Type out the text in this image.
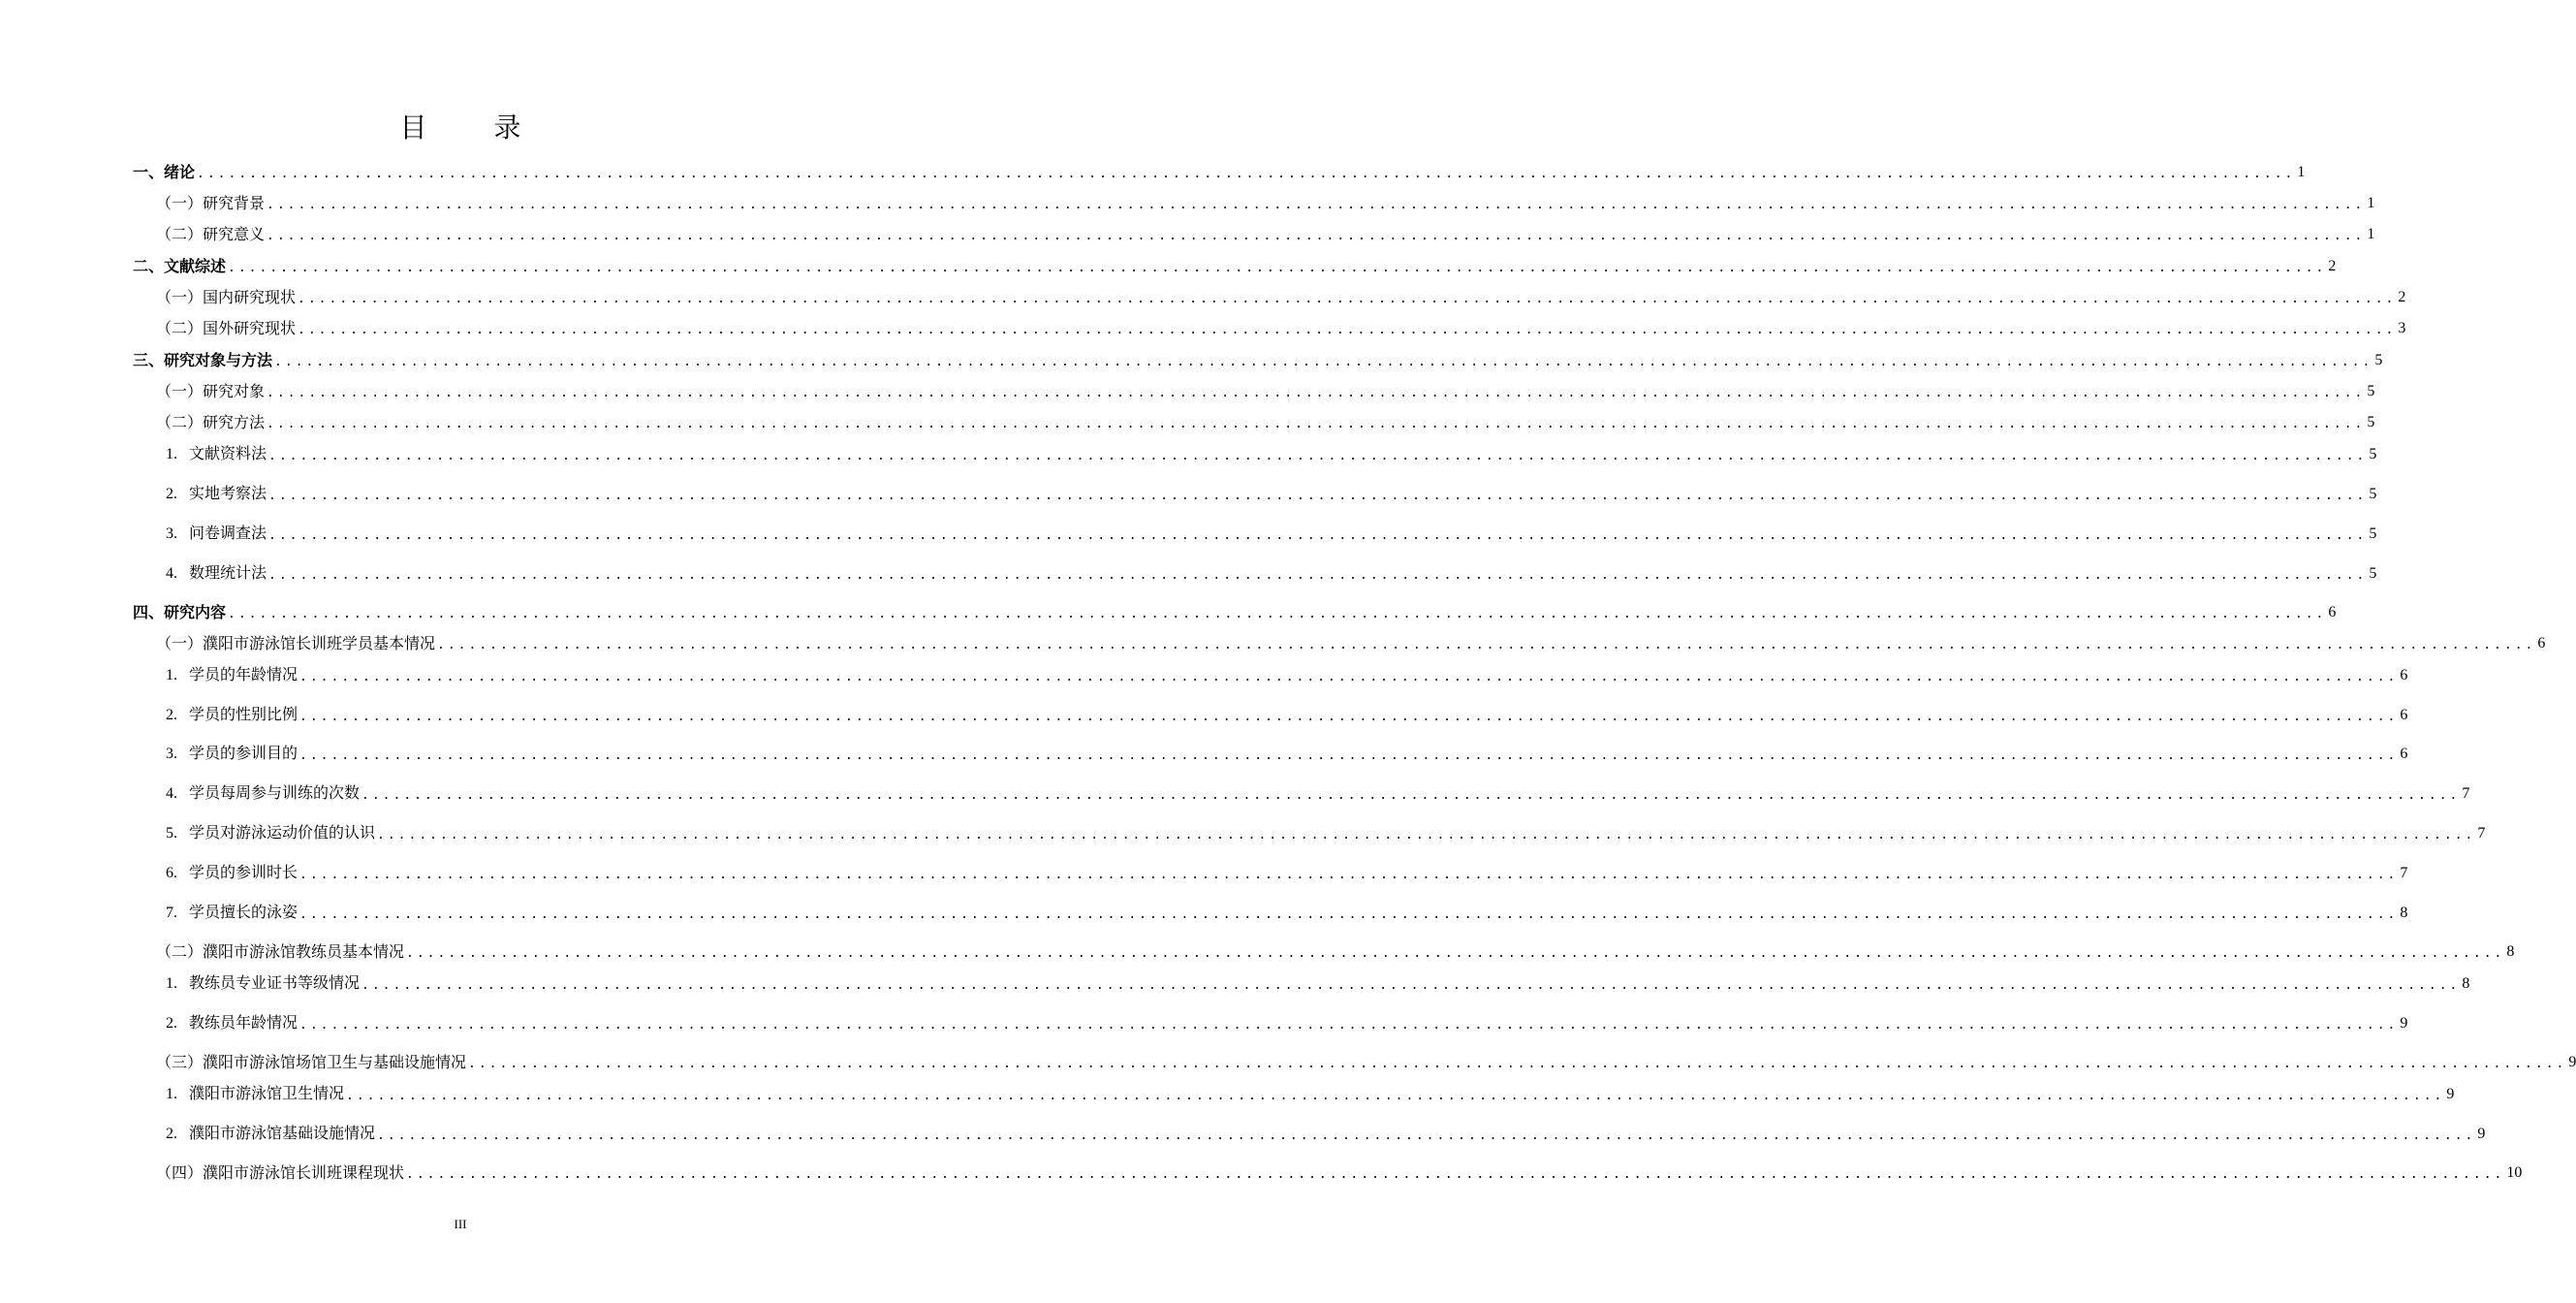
目 录
一、绪论 ........................................................................................................................................................................................................ 1
（一）研究背景 ........................................................................................................................................................................................................ 1
（二）研究意义 ........................................................................................................................................................................................................ 1
二、文献综述 ........................................................................................................................................................................................................ 2
（一）国内研究现状 ........................................................................................................................................................................................................ 2
（二）国外研究现状 ........................................................................................................................................................................................................ 3
三、研究对象与方法 ........................................................................................................................................................................................................ 5
（一）研究对象 ........................................................................................................................................................................................................ 5
（二）研究方法 ........................................................................................................................................................................................................ 5
1. 文献资料法 ........................................................................................................................................................................................................ 5
2. 实地考察法 ........................................................................................................................................................................................................ 5
3. 问卷调查法 ........................................................................................................................................................................................................ 5
4. 数理统计法 ........................................................................................................................................................................................................ 5
四、研究内容 ........................................................................................................................................................................................................ 6
（一）濮阳市游泳馆长训班学员基本情况 ........................................................................................................................................................................................................ 6
1. 学员的年龄情况 ........................................................................................................................................................................................................ 6
2. 学员的性别比例 ........................................................................................................................................................................................................ 6
3. 学员的参训目的 ........................................................................................................................................................................................................ 6
4. 学员每周参与训练的次数 ........................................................................................................................................................................................................ 7
5. 学员对游泳运动价值的认识 ........................................................................................................................................................................................................ 7
6. 学员的参训时长 ........................................................................................................................................................................................................ 7
7. 学员擅长的泳姿 ........................................................................................................................................................................................................ 8
（二）濮阳市游泳馆教练员基本情况 ........................................................................................................................................................................................................ 8
1. 教练员专业证书等级情况 ........................................................................................................................................................................................................ 8
2. 教练员年龄情况 ........................................................................................................................................................................................................ 9
（三）濮阳市游泳馆场馆卫生与基础设施情况 ........................................................................................................................................................................................................ 9
1. 濮阳市游泳馆卫生情况 ........................................................................................................................................................................................................ 9
2. 濮阳市游泳馆基础设施情况 ........................................................................................................................................................................................................ 9
（四）濮阳市游泳馆长训班课程现状 ........................................................................................................................................................................................................ 10
III
